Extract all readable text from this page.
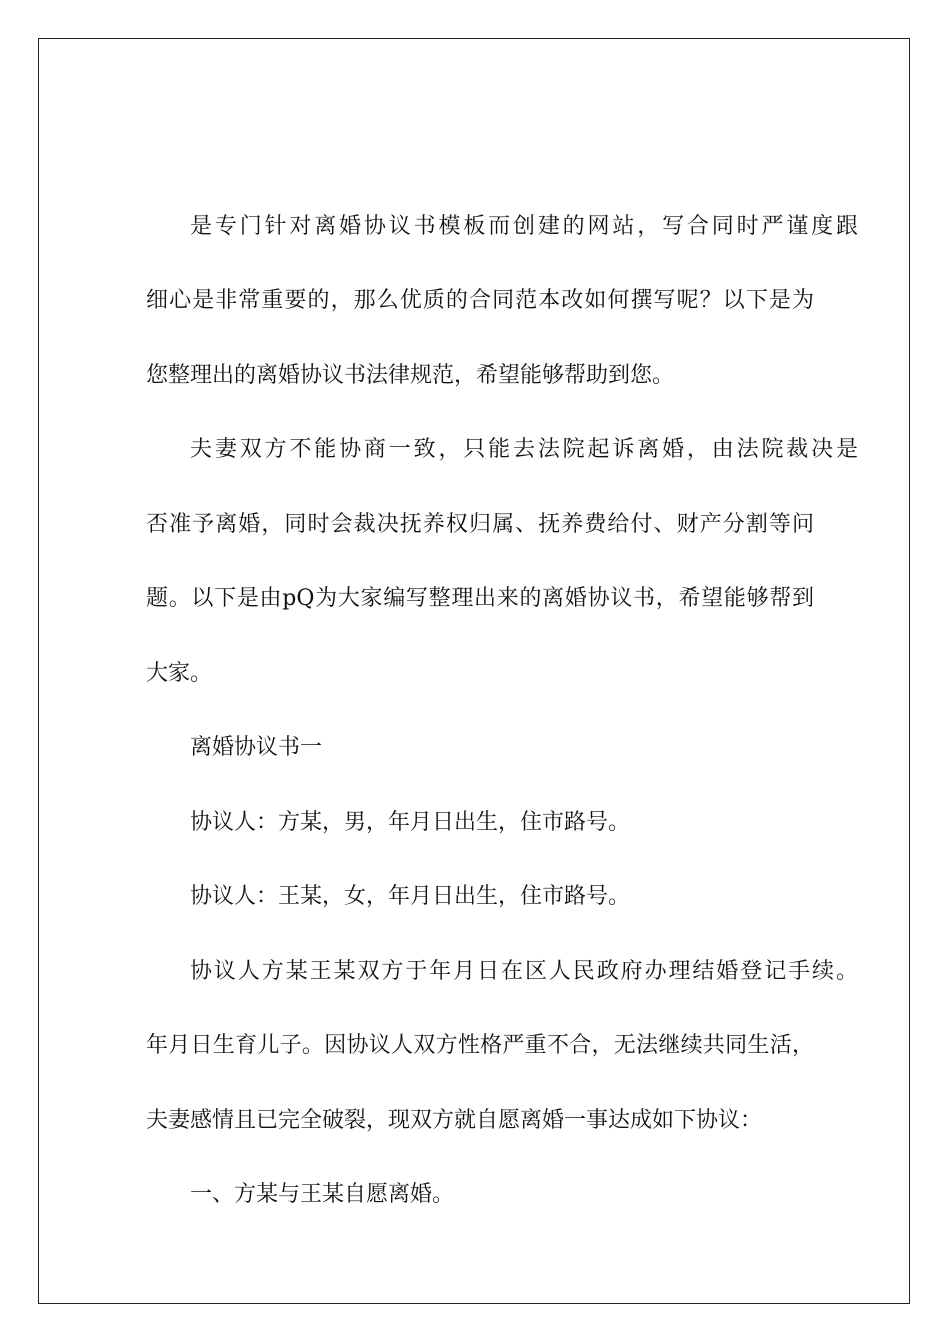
是专门针对离婚协议书模板而创建的网站，写合同时严谨度跟
细心是非常重要的，那么优质的合同范本改如何撰写呢？以下是为
您整理出的离婚协议书法律规范，希望能够帮助到您。
夫妻双方不能协商一致，只能去法院起诉离婚，由法院裁决是
否准予离婚，同时会裁决抚养权归属、抚养费给付、财产分割等问
题。以下是由pQ为大家编写整理出来的离婚协议书，希望能够帮到
大家。
离婚协议书一
协议人：方某，男，年月日出生，住市路号。
协议人：王某，女，年月日出生，住市路号。
协议人方某王某双方于年月日在区人民政府办理结婚登记手续。
年月日生育儿子。因协议人双方性格严重不合，无法继续共同生活，
夫妻感情且已完全破裂，现双方就自愿离婚一事达成如下协议：
一、方某与王某自愿离婚。
